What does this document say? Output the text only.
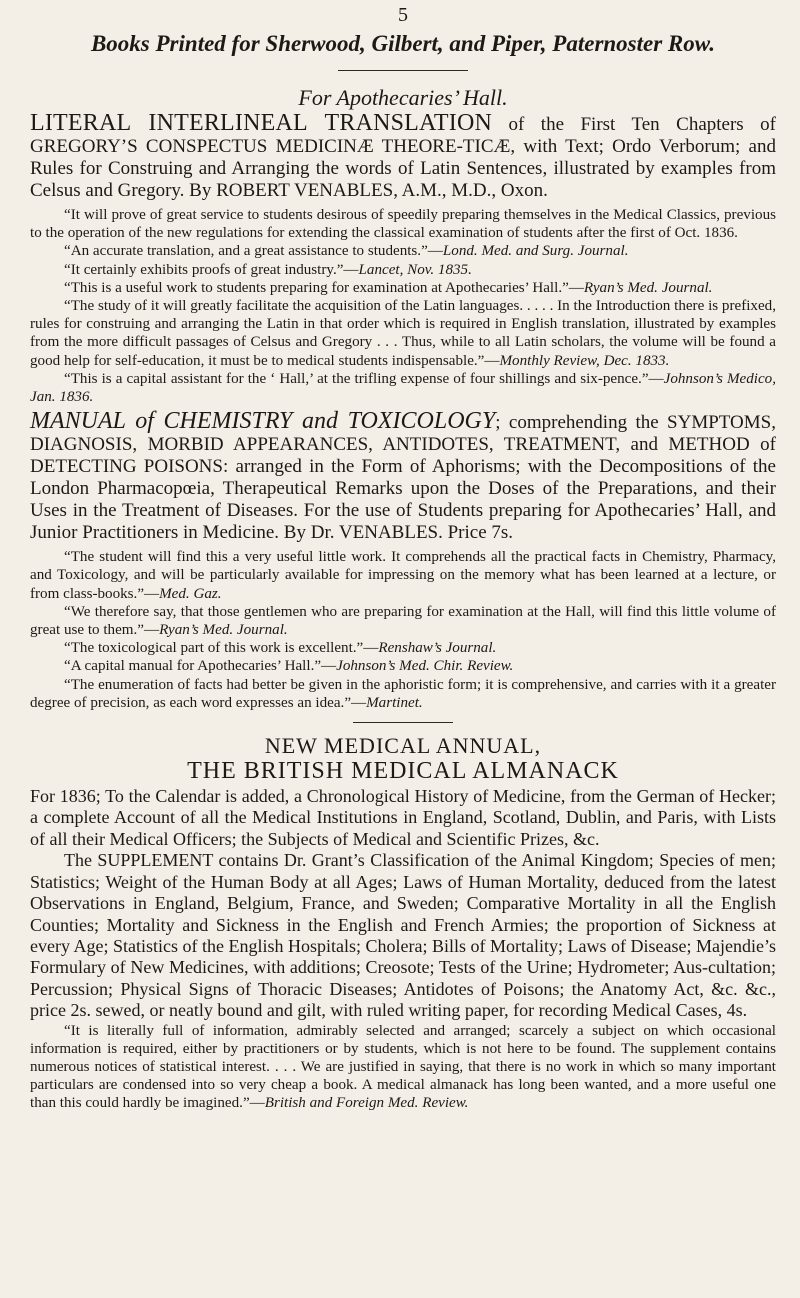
5
Books Printed for Sherwood, Gilbert, and Piper, Paternoster Row.
For Apothecaries’ Hall.

LITERAL INTERLINEAL TRANSLATION of the First Ten Chapters of GREGORY’S CONSPECTUS MEDICINÆ THEORE-TICÆ, with Text; Ordo Verborum; and Rules for Construing and Arranging the words of Latin Sentences, illustrated by examples from Celsus and Gregory. By ROBERT VENABLES, A.M., M.D., Oxon.

“It will prove of great service to students desirous of speedily preparing themselves in the Medical Classics, previous to the operation of the new regulations for extending the classical examination of students after the first of Oct. 1836.

“An accurate translation, and a great assistance to students.”—Lond. Med. and Surg. Journal.

“It certainly exhibits proofs of great industry.”—Lancet, Nov. 1835.

“This is a useful work to students preparing for examination at Apothecaries’ Hall.”—Ryan’s Med. Journal.

“The study of it will greatly facilitate the acquisition of the Latin languages. . . . . In the Introduction there is prefixed, rules for construing and arranging the Latin in that order which is required in English translation, illustrated by examples from the more difficult passages of Celsus and Gregory . . . Thus, while to all Latin scholars, the volume will be found a good help for self-education, it must be to medical students indispensable.”—Monthly Review, Dec. 1833.

“This is a capital assistant for the ‘ Hall,’ at the trifling expense of four shillings and six-pence.”—Johnson’s Medico, Jan. 1836.

MANUAL of CHEMISTRY and TOXICOLOGY; comprehending the SYMPTOMS, DIAGNOSIS, MORBID APPEARANCES, ANTIDOTES, TREATMENT, and METHOD of DETECTING POISONS: arranged in the Form of Aphorisms; with the Decompositions of the London Pharmacopœia, Therapeutical Remarks upon the Doses of the Preparations, and their Uses in the Treatment of Diseases. For the use of Students preparing for Apothecaries’ Hall, and Junior Practitioners in Medicine. By Dr. VENABLES. Price 7s.

“The student will find this a very useful little work. It comprehends all the practical facts in Chemistry, Pharmacy, and Toxicology, and will be particularly available for impressing on the memory what has been learned at a lecture, or from class-books.”—Med. Gaz.

“We therefore say, that those gentlemen who are preparing for examination at the Hall, will find this little volume of great use to them.”—Ryan’s Med. Journal.

“The toxicological part of this work is excellent.”—Renshaw’s Journal.

“A capital manual for Apothecaries’ Hall.”—Johnson’s Med. Chir. Review.

“The enumeration of facts had better be given in the aphoristic form; it is comprehensive, and carries with it a greater degree of precision, as each word expresses an idea.”—Martinet.

NEW MEDICAL ANNUAL,
THE BRITISH MEDICAL ALMANACK

For 1836; To the Calendar is added, a Chronological History of Medicine, from the German of Hecker; a complete Account of all the Medical Institutions in England, Scotland, Dublin, and Paris, with Lists of all their Medical Officers; the Subjects of Medical and Scientific Prizes, &c.

The SUPPLEMENT contains Dr. Grant’s Classification of the Animal Kingdom; Species of men; Statistics; Weight of the Human Body at all Ages; Laws of Human Mortality, deduced from the latest Observations in England, Belgium, France, and Sweden; Comparative Mortality in all the English Counties; Mortality and Sickness in the English and French Armies; the proportion of Sickness at every Age; Statistics of the English Hospitals; Cholera; Bills of Mortality; Laws of Disease; Majendie’s Formulary of New Medicines, with additions; Creosote; Tests of the Urine; Hydrometer; Aus-cultation; Percussion; Physical Signs of Thoracic Diseases; Antidotes of Poisons; the Anatomy Act, &c. &c., price 2s. sewed, or neatly bound and gilt, with ruled writing paper, for recording Medical Cases, 4s.

“It is literally full of information, admirably selected and arranged; scarcely a subject on which occasional information is required, either by practitioners or by students, which is not here to be found. The supplement contains numerous notices of statistical interest. . . . We are justified in saying, that there is no work in which so many important particulars are condensed into so very cheap a book. A medical almanack has long been wanted, and a more useful one than this could hardly be imagined.”—British and Foreign Med. Review.
